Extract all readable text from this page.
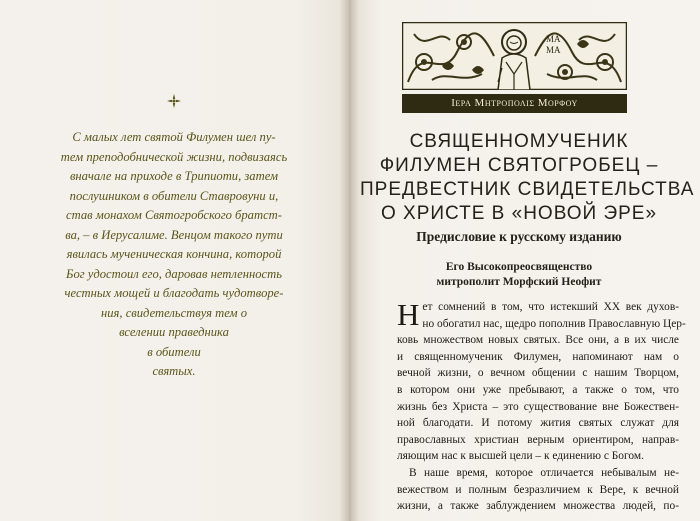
С малых лет святой Филумен шел пу-
тем преподобнической жизни, подвизаясь
вначале на приходе в Трипиоти, затем
послушником в обители Ставровуни и,
став монахом Святогробского братст-
ва, – в Иерусалиме. Венцом такого пути
явилась мученическая кончина, которой
Бог удостоил его, даровав нетленность
честных мощей и благодать чудотворе-
ния, свидетельствуя тем о
вселении праведника
в обители
святых.
МА
МА
Iερα Μητροπολις Μορφου
СВЯЩЕННОМУЧЕНИК
ФИЛУМЕН СВЯТОГРОБЕЦ –
ПРЕДВЕСТНИК СВИДЕТЕЛЬСТВА
О ХРИСТЕ В «НОВОЙ ЭРЕ»
Предисловие к русскому изданию
Его Высокопреосвященство
митрополит Морфский Неофит
Н ет сомнений в том, что истекший XX век духов-
но обогатил нас, щедро пополнив Православную Цер-
ковь множеством новых святых. Все они, а в их числе
и священномученик Филумен, напоминают нам о
вечной жизни, о вечном общении с нашим Творцом,
в котором они уже пребывают, а также о том, что
жизнь без Христа – это существование вне Божествен-
ной благодати. И потому жития святых служат для
православных христиан верным ориентиром, направ-
ляющим нас к высшей цели – к единению с Богом.
В наше время, которое отличается небывалым не-
вежеством и полным безразличием к Вере, к вечной
жизни, а также заблуждением множества людей, по-
